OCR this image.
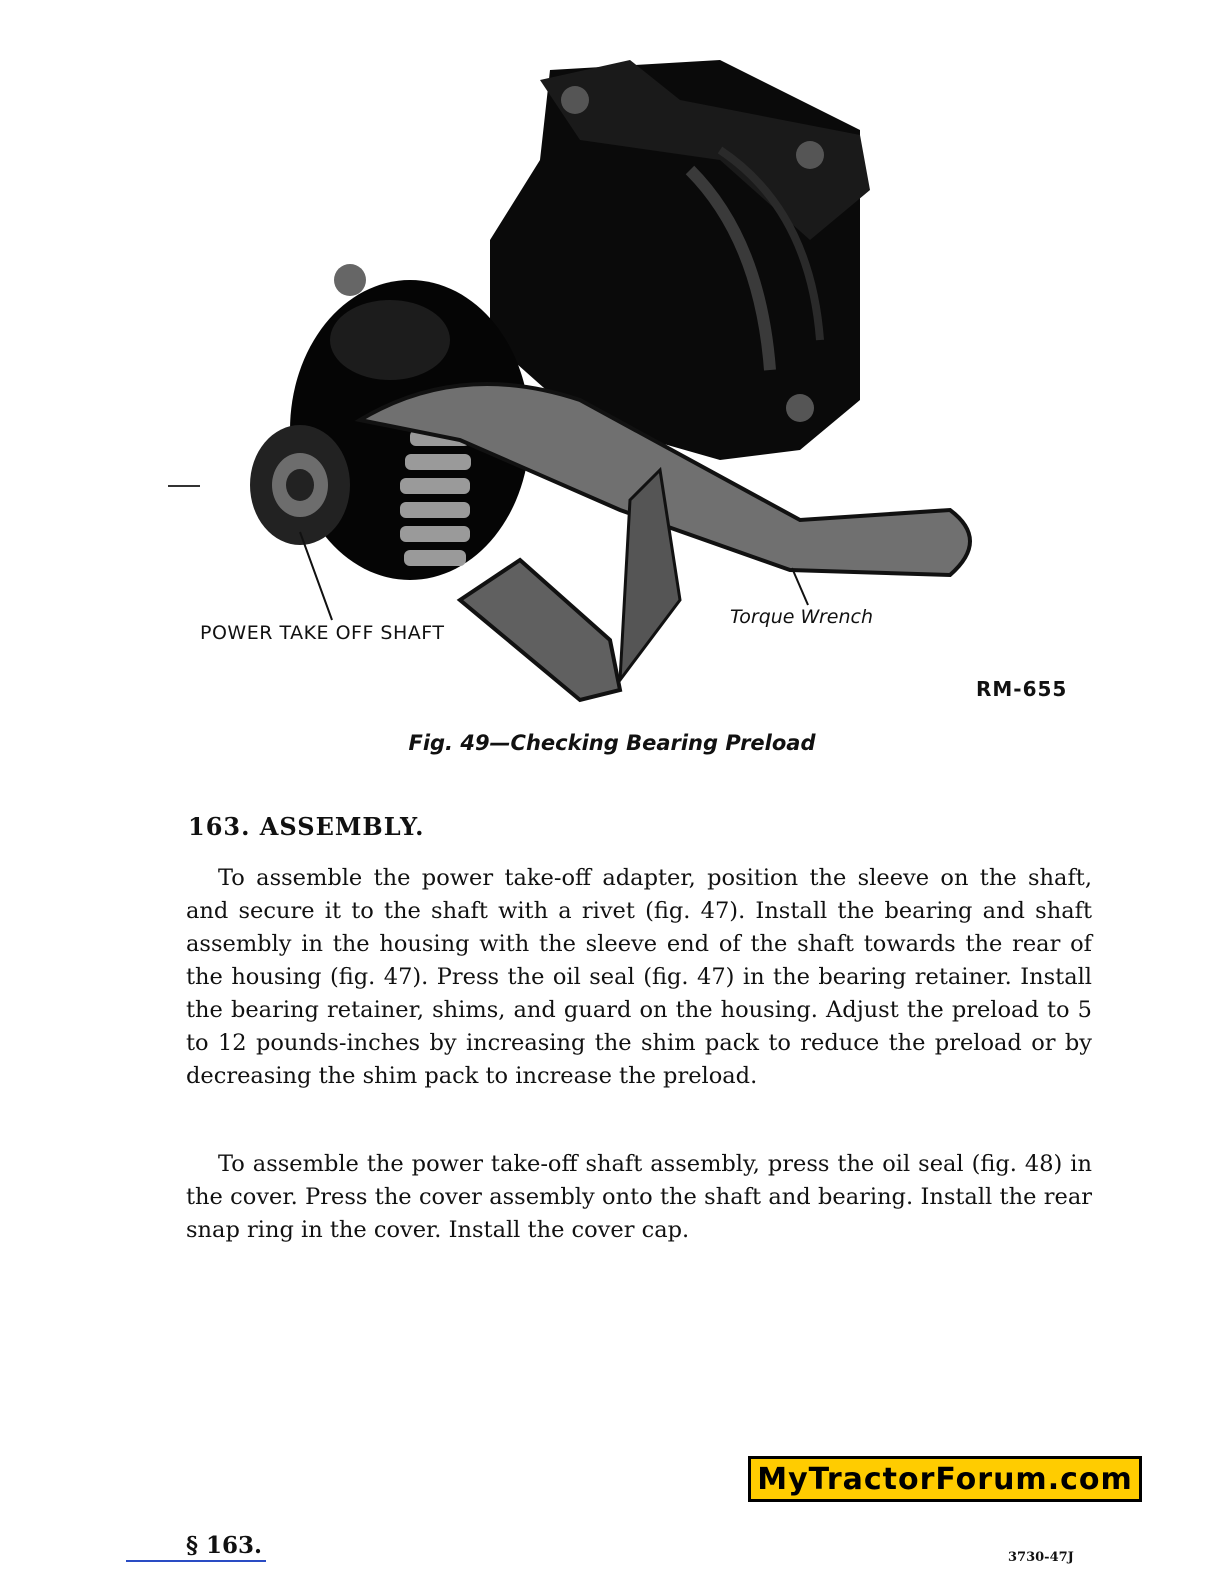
POWER TAKE OFF SHAFT
Torque Wrench
RM-655
Fig. 49—Checking Bearing Preload
163. ASSEMBLY.

To assemble the power take-off adapter, position the sleeve on the shaft, and secure it to the shaft with a rivet (fig. 47). Install the bearing and shaft assembly in the housing with the sleeve end of the shaft towards the rear of the housing (fig. 47). Press the oil seal (fig. 47) in the bearing retainer. Install the bearing retainer, shims, and guard on the housing. Adjust the preload to 5 to 12 pounds-inches by increasing the shim pack to reduce the preload or by decreasing the shim pack to increase the preload.

To assemble the power take-off shaft assembly, press the oil seal (fig. 48) in the cover. Press the cover assembly onto the shaft and bearing. Install the rear snap ring in the cover. Install the cover cap.

MyTractorForum.com
§ 163.	3730-47J
